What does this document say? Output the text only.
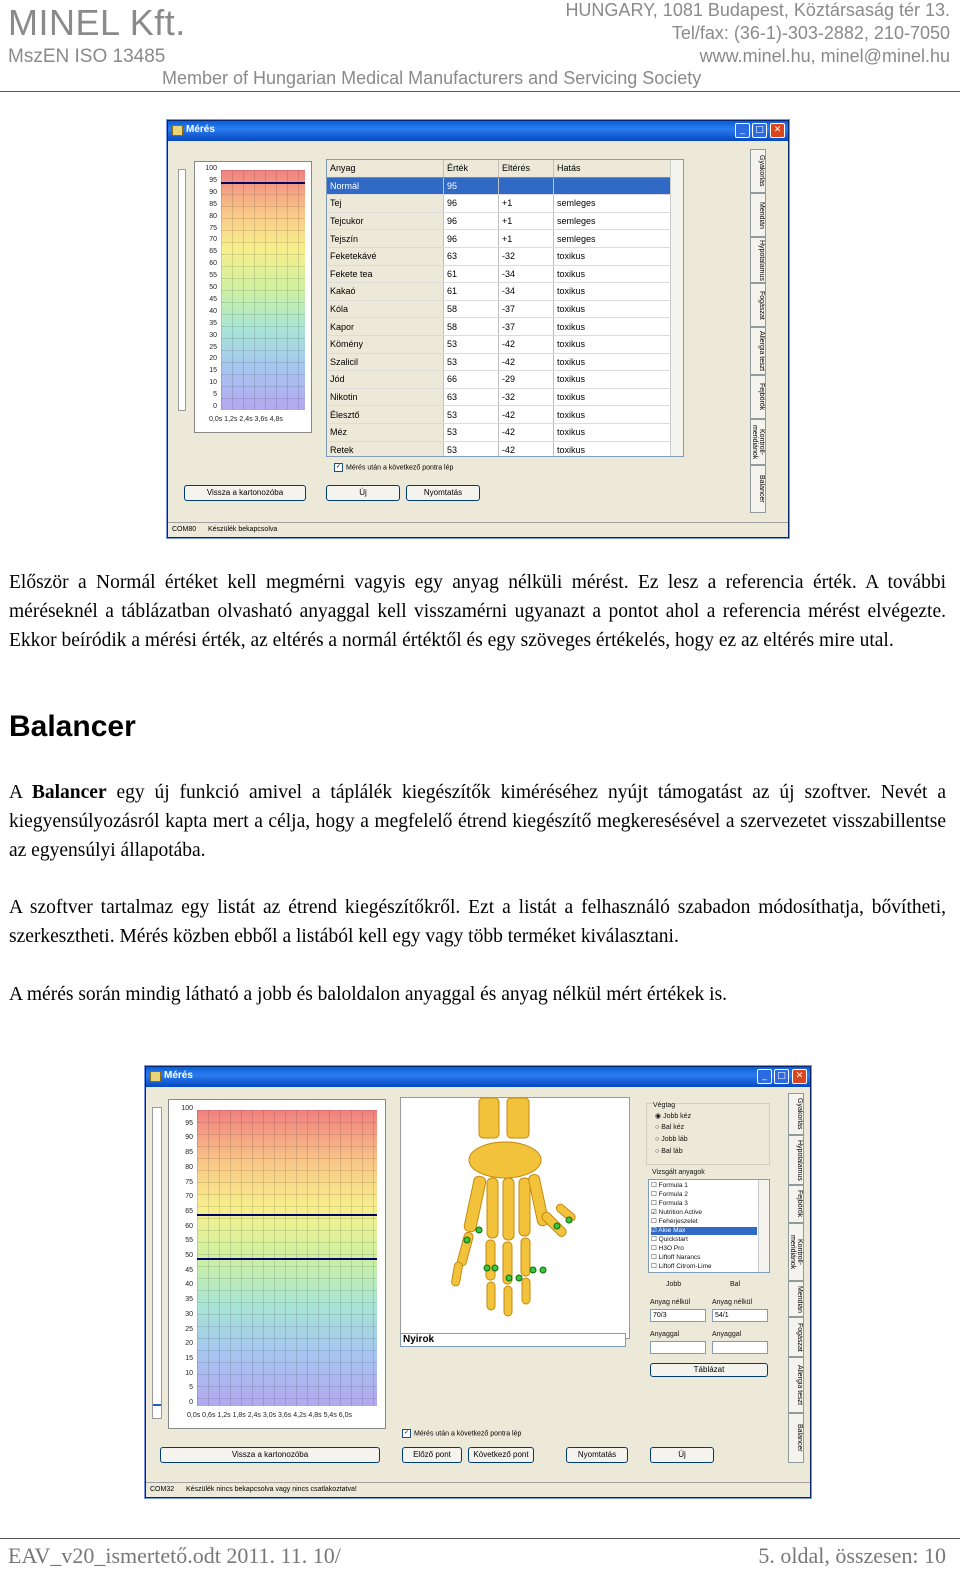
MINEL Kft.
MszEN ISO 13485
HUNGARY, 1081 Budapest, Köztársaság tér 13.
Tel/fax: (36-1)-303-2882, 210-7050
www.minel.hu, minel@minel.hu
Member of Hungarian Medical Manufacturers and Servicing Society
Mérés	_	□	✕
100
95
90
85
80
75
70
65
60
55
50
45
40
35
30
25
20
15
10
5
0
0,0s 1,2s 2,4s 3,6s 4,8s
Anyag	Érték	Eltérés	Hatás
Normál	95		
Tej	96	+1	semleges
Tejcukor	96	+1	semleges
Tejszín	96	+1	semleges
Feketekávé	63	-32	toxikus
Fekete tea	61	-34	toxikus
Kakaó	61	-34	toxikus
Kóla	58	-37	toxikus
Kapor	58	-37	toxikus
Kömény	53	-42	toxikus
Szalicil	53	-42	toxikus
Jód	66	-29	toxikus
Nikotin	63	-32	toxikus
Élesztő	53	-42	toxikus
Méz	53	-42	toxikus
Retek	53	-42	toxikus
✓ Mérés után a következő pontra lép
Vissza a kartonozóba	Új	Nyomtatás
Gyakorlás
Meridián
Hypotalamus
Fogászat
Allergia teszt
Fejbőrök
Kontroll-meridiánok
Balancer
COM80 Készülék bekapcsolva
Először a Normál értéket kell megmérni vagyis egy anyag nélküli mérést. Ez lesz a referencia érték. A további méréseknél a táblázatban olvasható anyaggal kell visszamérni ugyanazt a pontot ahol a referencia mérést elvégezte. Ekkor beíródik a mérési érték, az eltérés a normál értéktől és egy szöveges értékelés, hogy ez az eltérés mire utal.
Balancer
A Balancer egy új funkció amivel a táplálék kiegészítők kiméréséhez nyújt támogatást az új szoftver. Nevét a kiegyensúlyozásról kapta mert a célja, hogy a megfelelő étrend kiegészítő megkeresésével a szervezetet visszabillentse az egyensúlyi állapotába.
A szoftver tartalmaz egy listát az étrend kiegészítőkről. Ezt a listát a felhasználó szabadon módosíthatja, bővítheti, szerkesztheti. Mérés közben ebből a listából kell egy vagy több terméket kiválasztani.
A mérés során mindig látható a jobb és baloldalon anyaggal és anyag nélkül mért értékek is.
Mérés	_	□	✕
100
95
90
85
80
75
70
65
60
55
50
45
40
35
30
25
20
15
10
5
0
0,0s 0,6s 1,2s 1,8s 2,4s 3,0s 3,6s 4,2s 4,8s 5,4s 6,0s
Nyirok
Végtag
◉ Jobb kéz
○ Bal kéz
○ Jobb láb
○ Bal láb
Vizsgált anyagok
☐ Formula 1
☐ Formula 2
☐ Formula 3
☑ Nutrition Active
☐ Fehérjeszelet
☑ Aloe Max
☐ Quickstart
☐ H3O Pro
☐ Liftoff Narancs
☐ Liftoff Citrom-Lime
Jobb	Bal
Anyag nélkül	Anyag nélkül
70/3	54/1
Anyaggal	Anyaggal
Táblázat
✓ Mérés után a következő pontra lép
Vissza a kartonozóba	Előző pont	Következő pont	Nyomtatás	Új
Gyakorlás
Hypotalamus
Fejbőrök
Kontroll-meridiánok
Meridián
Fogászat
Allergia teszt
Balancer
COM32 Készülék nincs bekapcsolva vagy nincs csatlakoztatva!
EAV_v20_ismertető.odt 2011. 11. 10/	5. oldal, összesen: 10
